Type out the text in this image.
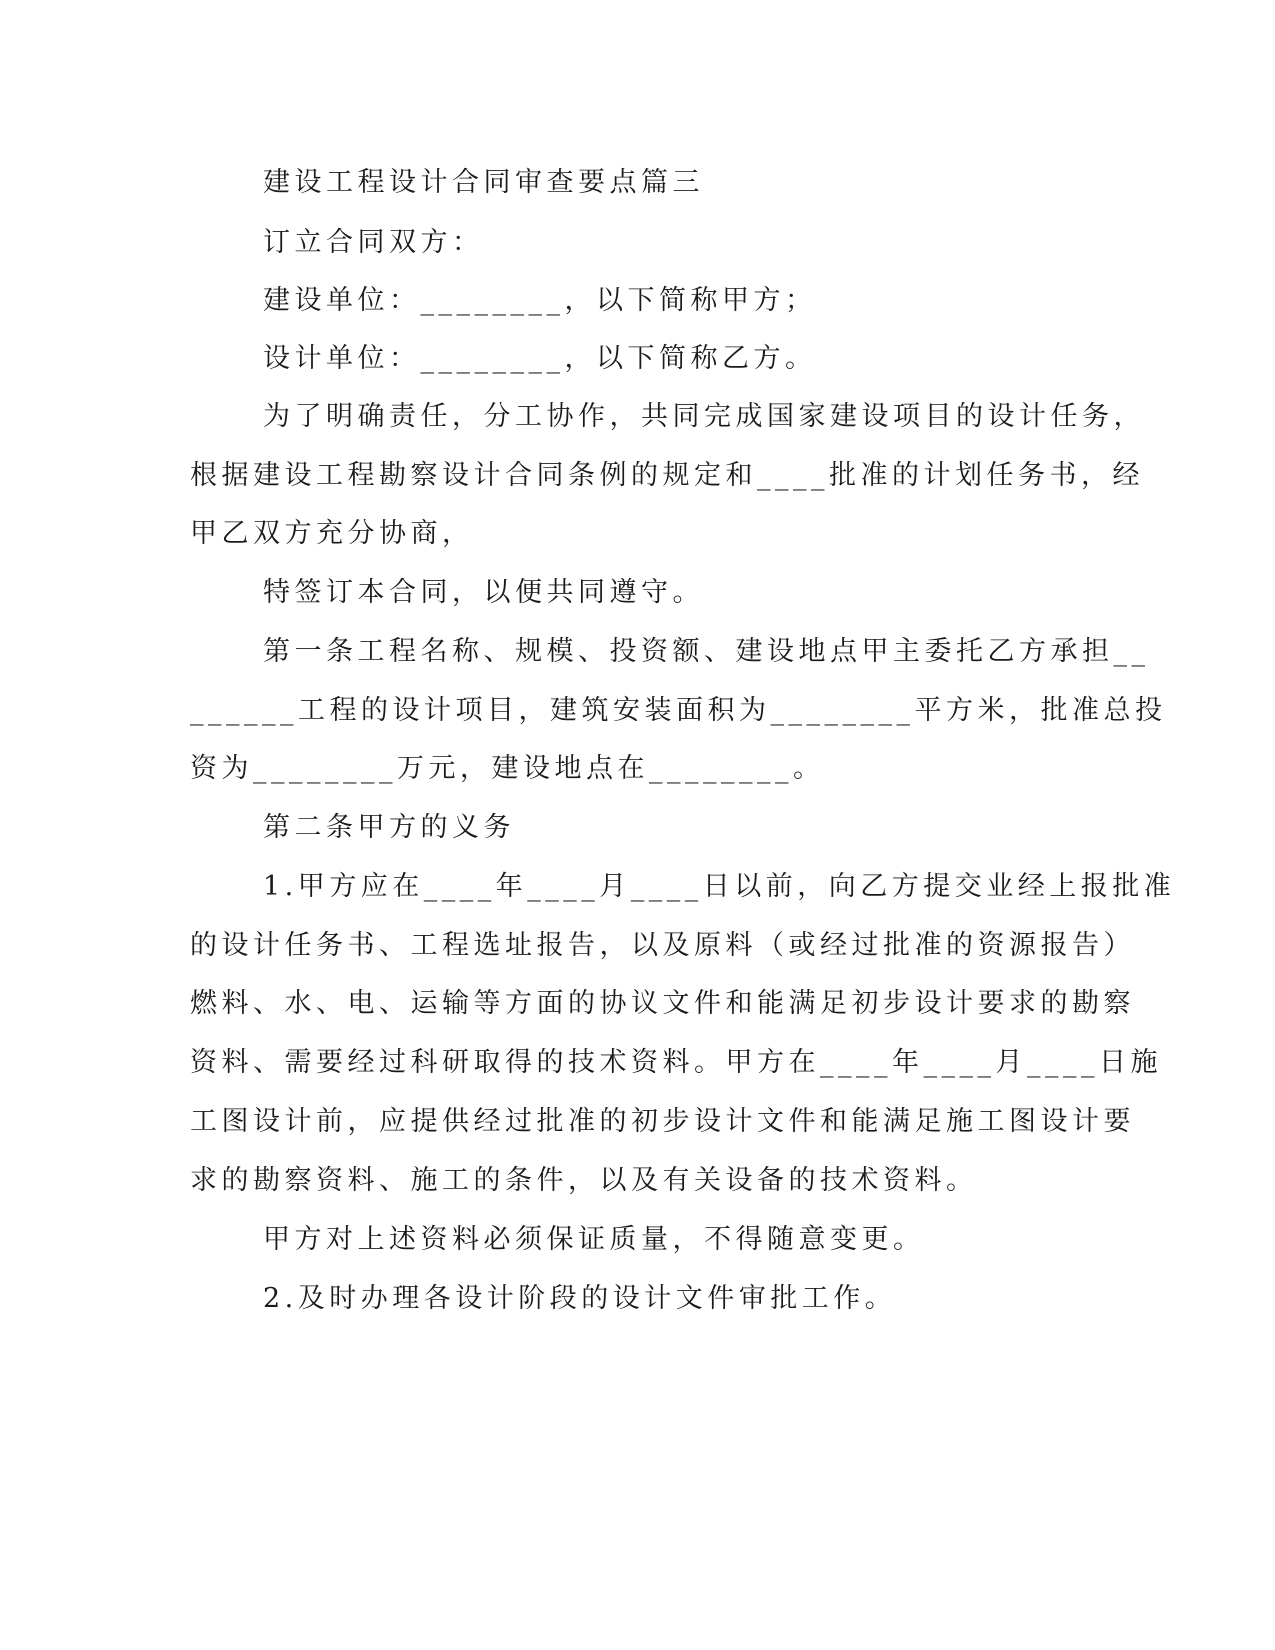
建设工程设计合同审查要点篇三
订立合同双方：
建设单位：________，以下简称甲方；
设计单位：________，以下简称乙方。
为了明确责任，分工协作，共同完成国家建设项目的设计任务，
根据建设工程勘察设计合同条例的规定和____批准的计划任务书，经
甲乙双方充分协商，
特签订本合同，以便共同遵守。
第一条工程名称、规模、投资额、建设地点甲主委托乙方承担__
______工程的设计项目，建筑安装面积为________平方米，批准总投
资为________万元，建设地点在________。
第二条甲方的义务
1.甲方应在____年____月____日以前，向乙方提交业经上报批准
的设计任务书、工程选址报告，以及原料（或经过批准的资源报告）
燃料、水、电、运输等方面的协议文件和能满足初步设计要求的勘察
资料、需要经过科研取得的技术资料。甲方在____年____月____日施
工图设计前，应提供经过批准的初步设计文件和能满足施工图设计要
求的勘察资料、施工的条件，以及有关设备的技术资料。
甲方对上述资料必须保证质量，不得随意变更。
2.及时办理各设计阶段的设计文件审批工作。
